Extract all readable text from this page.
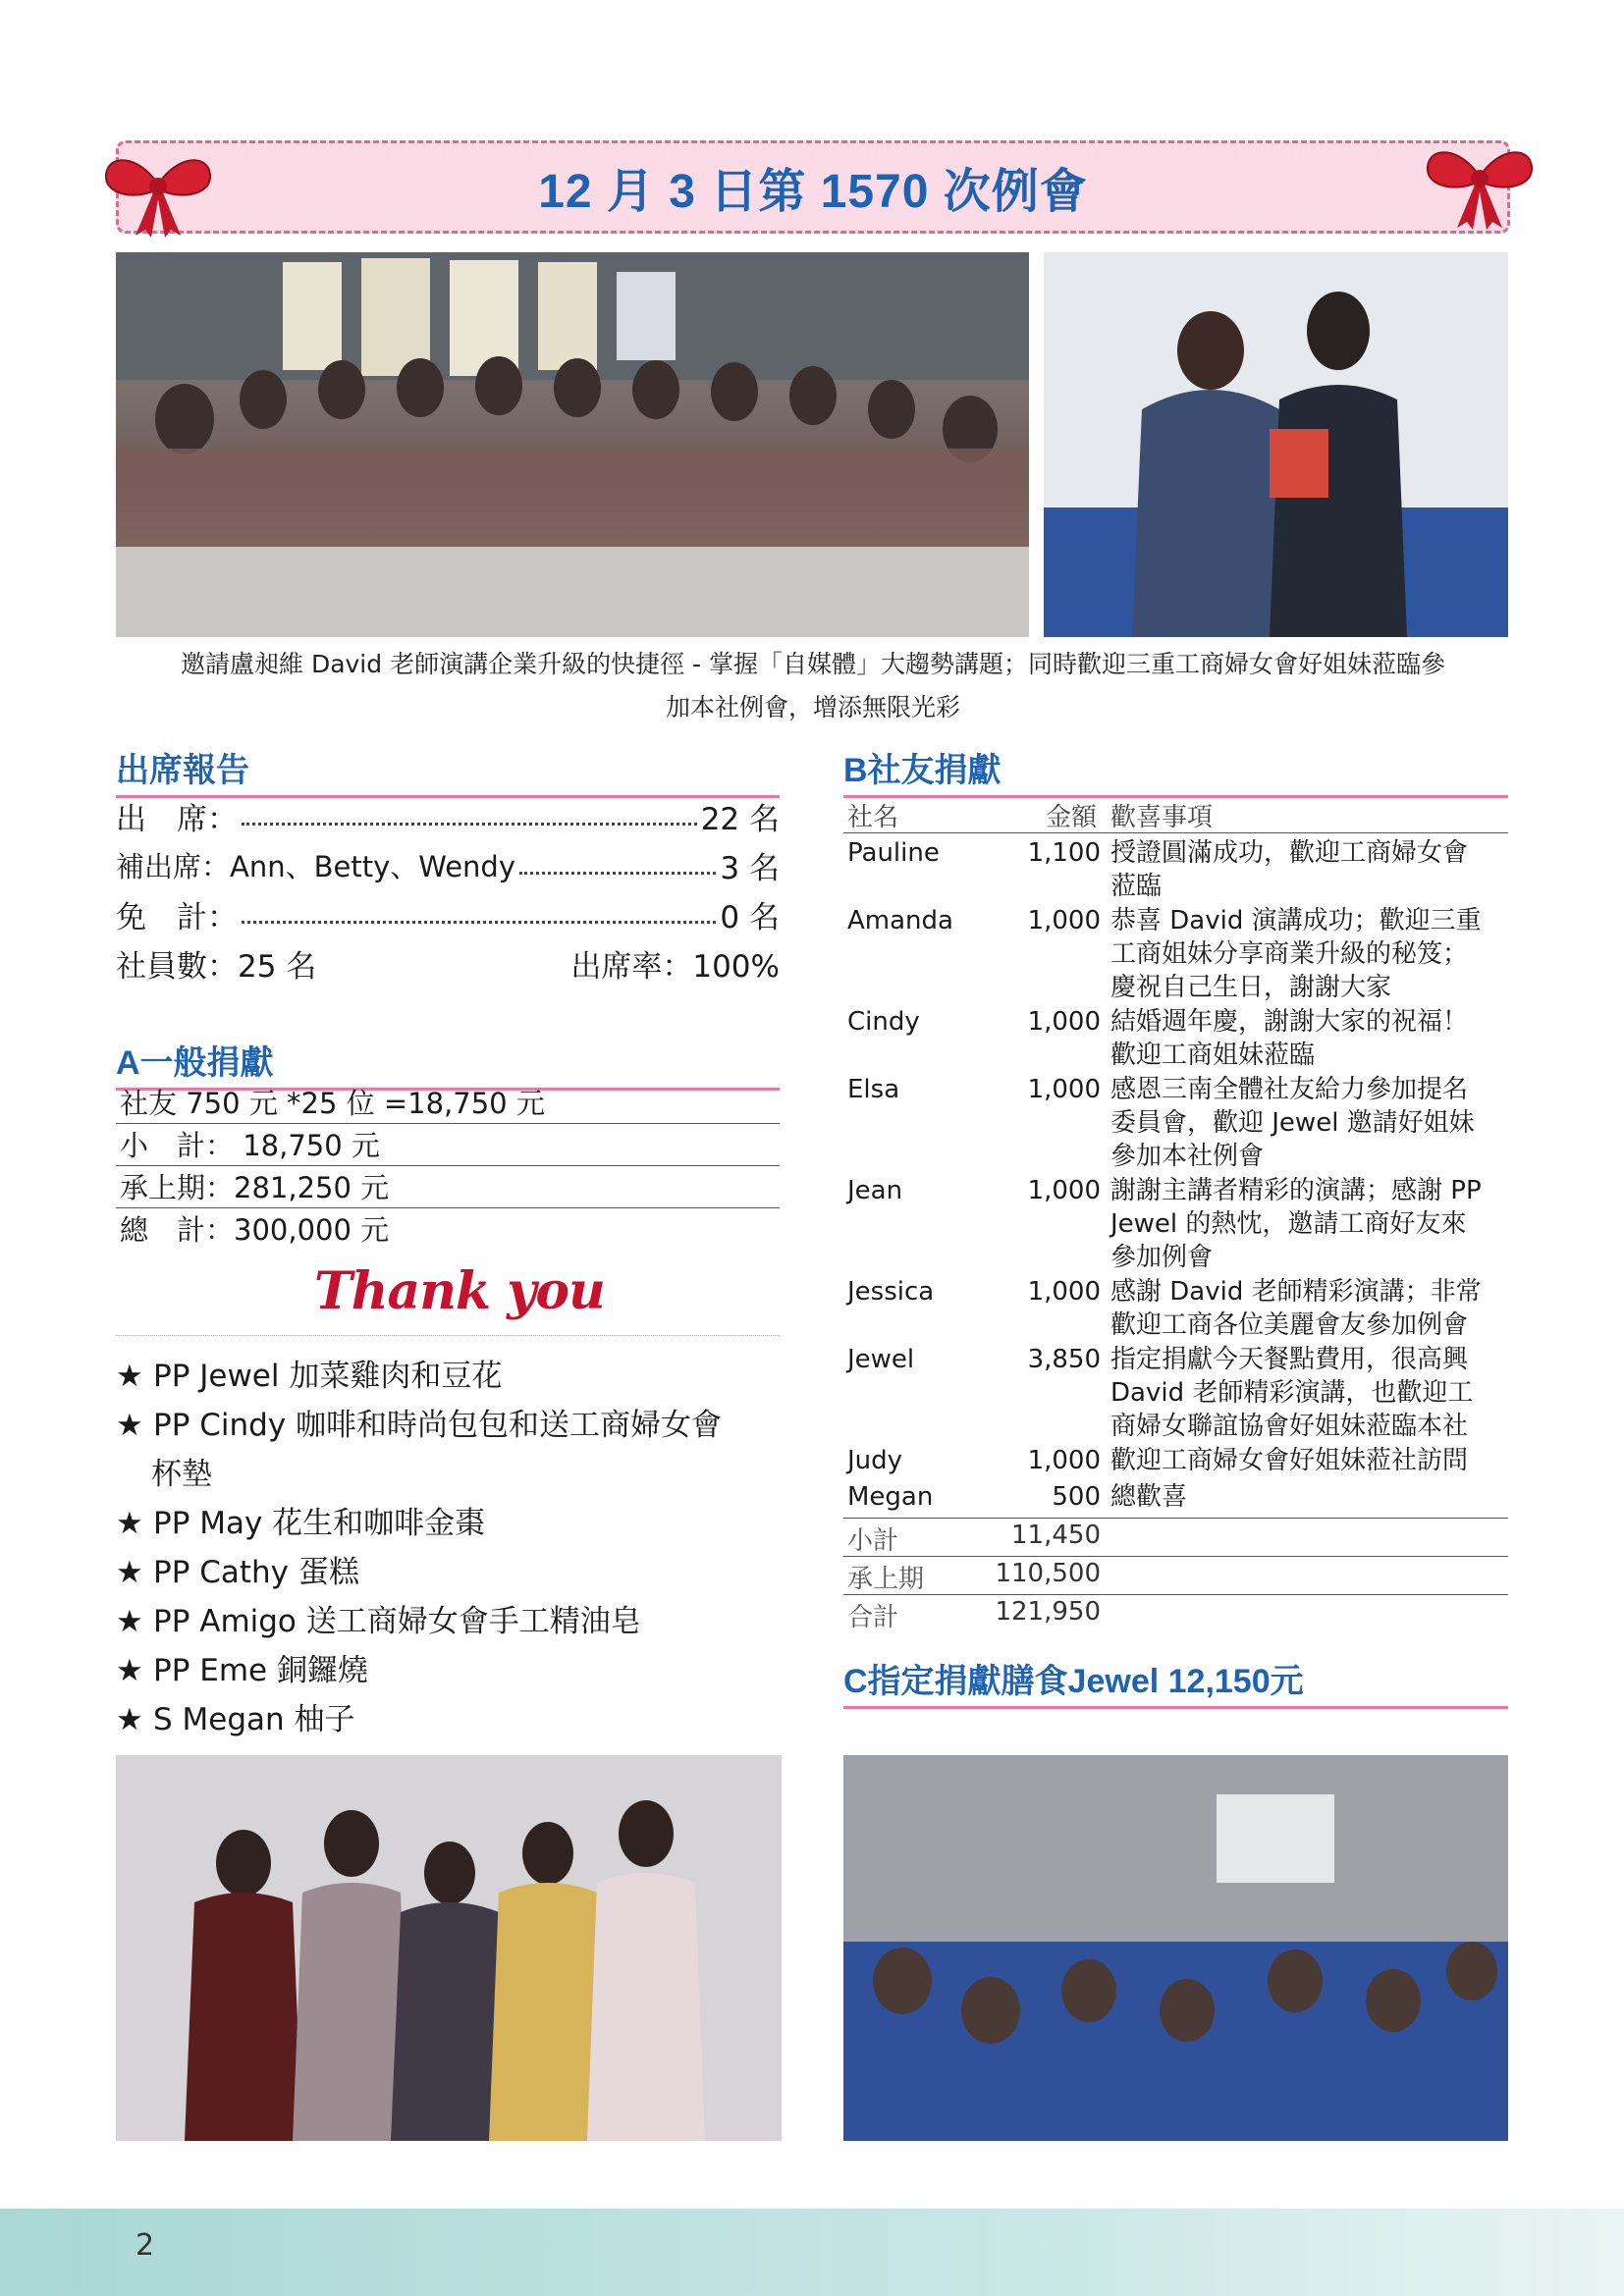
12 月 3 日第 1570 次例會
邀請盧昶維 David 老師演講企業升級的快捷徑 - 掌握「自媒體」大趨勢講題；同時歡迎三重工商婦女會好姐妹蒞臨參
加本社例會，增添無限光彩
出席報告
出　席：	22 名
補出席：Ann、Betty、Wendy	3 名
免　計：	0 名
社員數：25 名	出席率：100%
A一般捐獻
社友 750 元 *25 位 =18,750 元
小　計： 18,750 元
承上期：281,250 元
總　計：300,000 元
Thank you
★ PP Jewel 加菜雞肉和豆花
★ PP Cindy 咖啡和時尚包包和送工商婦女會
杯墊
★ PP May 花生和咖啡金棗
★ PP Cathy 蛋糕
★ PP Amigo 送工商婦女會手工精油皂
★ PP Eme 銅鑼燒
★ S Megan 柚子
B社友捐獻
社名	金額 歡喜事項
Pauline	1,100 授證圓滿成功，歡迎工商婦女會
蒞臨
Amanda	1,000 恭喜 David 演講成功；歡迎三重
工商姐妹分享商業升級的秘笈；
慶祝自己生日，謝謝大家
Cindy	1,000 結婚週年慶，謝謝大家的祝福！
歡迎工商姐妹蒞臨
Elsa	1,000 感恩三南全體社友給力參加提名
委員會，歡迎 Jewel 邀請好姐妹
參加本社例會
Jean	1,000 謝謝主講者精彩的演講；感謝 PP
Jewel 的熱忱，邀請工商好友來
參加例會
Jessica	1,000 感謝 David 老師精彩演講；非常
歡迎工商各位美麗會友參加例會
Jewel	3,850 指定捐獻今天餐點費用，很高興
David 老師精彩演講，也歡迎工
商婦女聯誼協會好姐妹蒞臨本社
Judy	1,000 歡迎工商婦女會好姐妹蒞社訪問
Megan	500 總歡喜
小計	11,450
承上期	110,500
合計	121,950
C指定捐獻膳食Jewel 12,150元
2
